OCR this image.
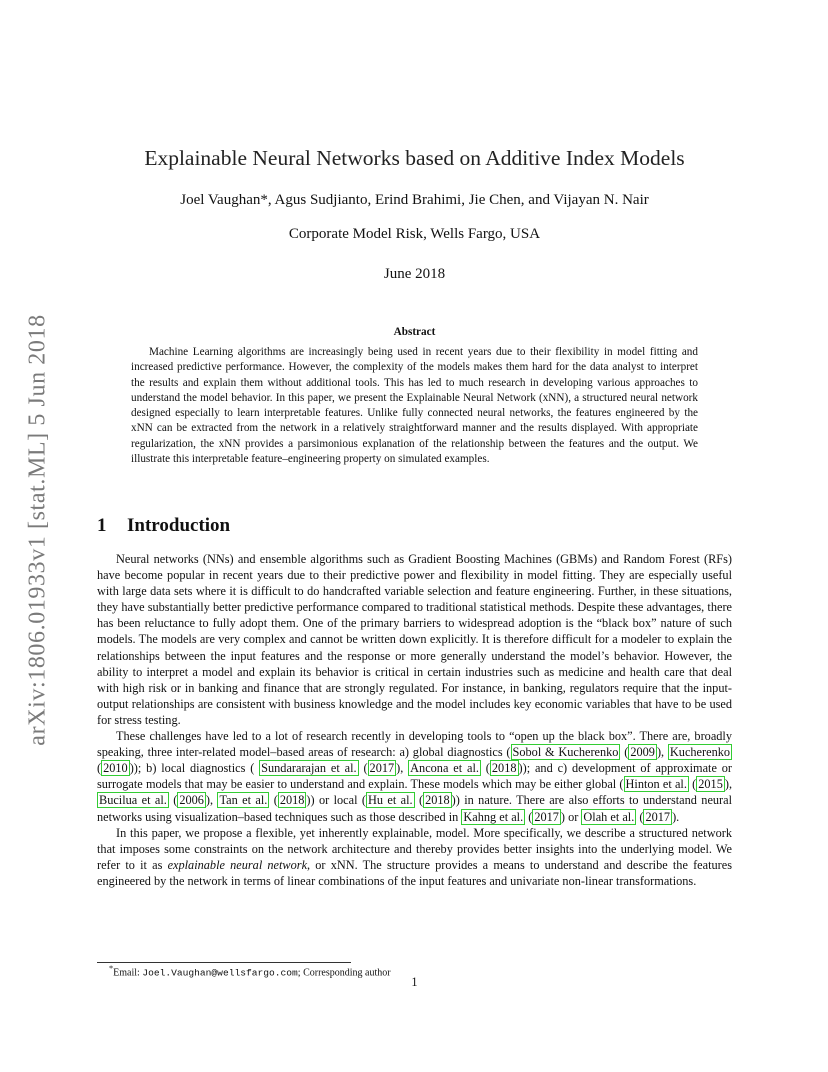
arXiv:1806.01933v1 [stat.ML] 5 Jun 2018
Explainable Neural Networks based on Additive Index Models
Joel Vaughan*, Agus Sudjianto, Erind Brahimi, Jie Chen, and Vijayan N. Nair
Corporate Model Risk, Wells Fargo, USA
June 2018
Abstract

Machine Learning algorithms are increasingly being used in recent years due to their flexibility in model fitting and increased predictive performance. However, the complexity of the models makes them hard for the data analyst to interpret the results and explain them without additional tools. This has led to much research in developing various approaches to understand the model behavior. In this paper, we present the Explainable Neural Network (xNN), a structured neural network designed especially to learn interpretable features. Unlike fully connected neural networks, the features engineered by the xNN can be extracted from the network in a relatively straightforward manner and the results displayed. With appropriate regularization, the xNN provides a parsimonious explanation of the relationship between the features and the output. We illustrate this interpretable feature–engineering property on simulated examples.

1 Introduction

Neural networks (NNs) and ensemble algorithms such as Gradient Boosting Machines (GBMs) and Random Forest (RFs) have become popular in recent years due to their predictive power and flexibility in model fitting. They are especially useful with large data sets where it is difficult to do handcrafted variable selection and feature engineering. Further, in these situations, they have substantially better predictive performance compared to traditional statistical methods. Despite these advantages, there has been reluctance to fully adopt them. One of the primary barriers to widespread adoption is the “black box” nature of such models. The models are very complex and cannot be written down explicitly. It is therefore difficult for a modeler to explain the relationships between the input features and the response or more generally understand the model’s behavior. However, the ability to interpret a model and explain its behavior is critical in certain industries such as medicine and health care that deal with high risk or in banking and finance that are strongly regulated. For instance, in banking, regulators require that the input-output relationships are consistent with business knowledge and the model includes key economic variables that have to be used for stress testing.

These challenges have led to a lot of research recently in developing tools to “open up the black box”. There are, broadly speaking, three inter-related model–based areas of research: a) global diagnostics ( Sobol & Kucherenko ( 2009 ), Kucherenko ( 2010 )); b) local diagnostics ( Sundararajan et al. ( 2017 ), Ancona et al. ( 2018 )); and c) development of approximate or surrogate models that may be easier to understand and explain. These models which may be either global ( Hinton et al. ( 2015 ), Bucilua et al. ( 2006 ), Tan et al. ( 2018 )) or local ( Hu et al. ( 2018 )) in nature. There are also efforts to understand neural networks using visualization–based techniques such as those described in Kahng et al. ( 2017 ) or Olah et al. ( 2017 ).

In this paper, we propose a flexible, yet inherently explainable, model. More specifically, we describe a structured network that imposes some constraints on the network architecture and thereby provides better insights into the underlying model. We refer to it as explainable neural network, or xNN. The structure provides a means to understand and describe the features engineered by the network in terms of linear combinations of the input features and univariate non-linear transformations.

*Email: Joel.Vaughan@wellsfargo.com; Corresponding author
1
